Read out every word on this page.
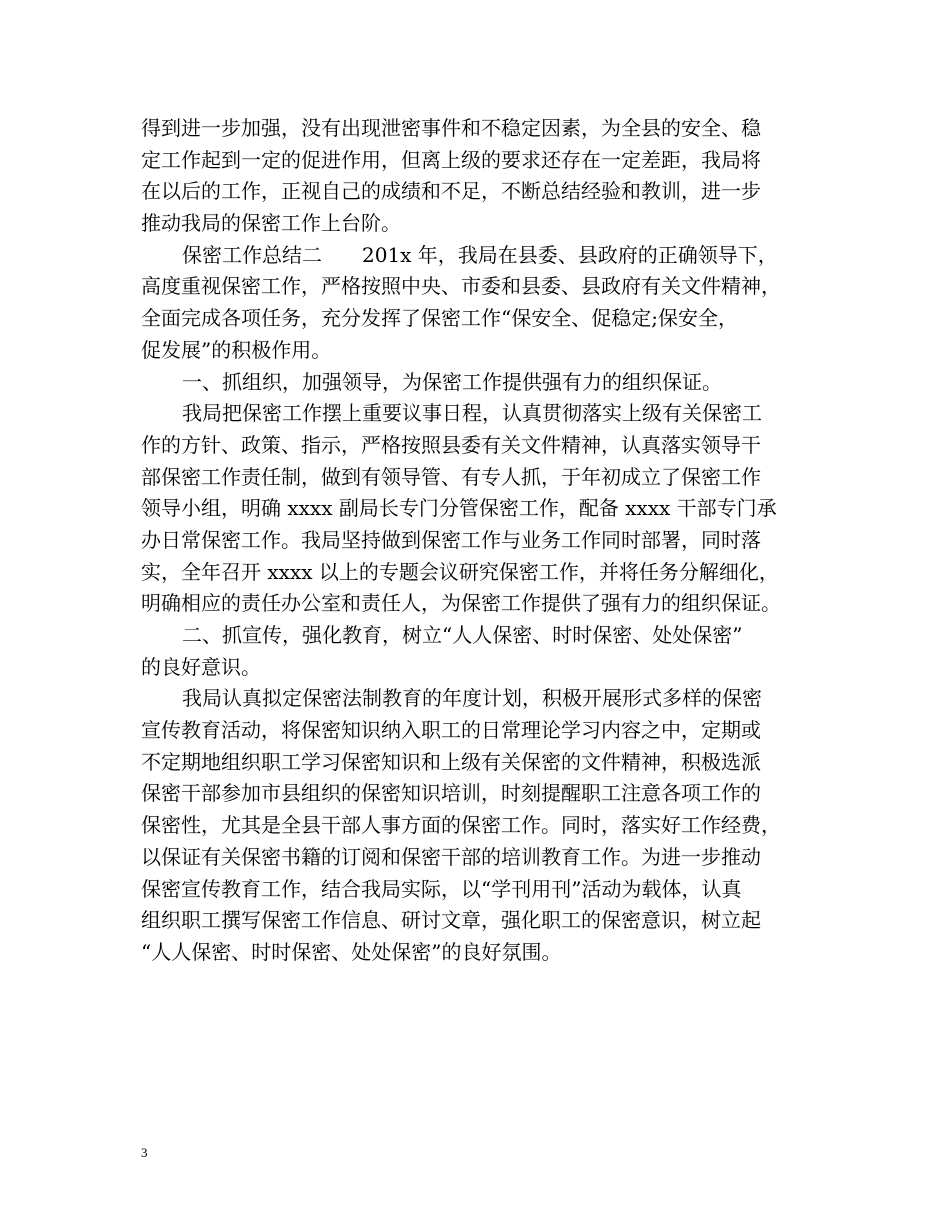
得到进一步加强，没有出现泄密事件和不稳定因素，为全县的安全、稳
定工作起到一定的促进作用，但离上级的要求还存在一定差距，我局将
在以后的工作，正视自己的成绩和不足，不断总结经验和教训，进一步
推动我局的保密工作上台阶。
保密工作总结二　　201x 年，我局在县委、县政府的正确领导下，
高度重视保密工作，严格按照中央、市委和县委、县政府有关文件精神，
全面完成各项任务，充分发挥了保密工作“保安全、促稳定;保安全，
促发展”的积极作用。
一、抓组织，加强领导，为保密工作提供强有力的组织保证。
我局把保密工作摆上重要议事日程，认真贯彻落实上级有关保密工
作的方针、政策、指示，严格按照县委有关文件精神，认真落实领导干
部保密工作责任制，做到有领导管、有专人抓，于年初成立了保密工作
领导小组，明确 xxxx 副局长专门分管保密工作，配备 xxxx 干部专门承
办日常保密工作。我局坚持做到保密工作与业务工作同时部署，同时落
实，全年召开 xxxx 以上的专题会议研究保密工作，并将任务分解细化，
明确相应的责任办公室和责任人，为保密工作提供了强有力的组织保证。
二、抓宣传，强化教育，树立“人人保密、时时保密、处处保密”
的良好意识。
我局认真拟定保密法制教育的年度计划，积极开展形式多样的保密
宣传教育活动，将保密知识纳入职工的日常理论学习内容之中，定期或
不定期地组织职工学习保密知识和上级有关保密的文件精神，积极选派
保密干部参加市县组织的保密知识培训，时刻提醒职工注意各项工作的
保密性，尤其是全县干部人事方面的保密工作。同时，落实好工作经费，
以保证有关保密书籍的订阅和保密干部的培训教育工作。为进一步推动
保密宣传教育工作，结合我局实际，以“学刊用刊”活动为载体，认真
组织职工撰写保密工作信息、研讨文章，强化职工的保密意识，树立起
“人人保密、时时保密、处处保密”的良好氛围。
3
